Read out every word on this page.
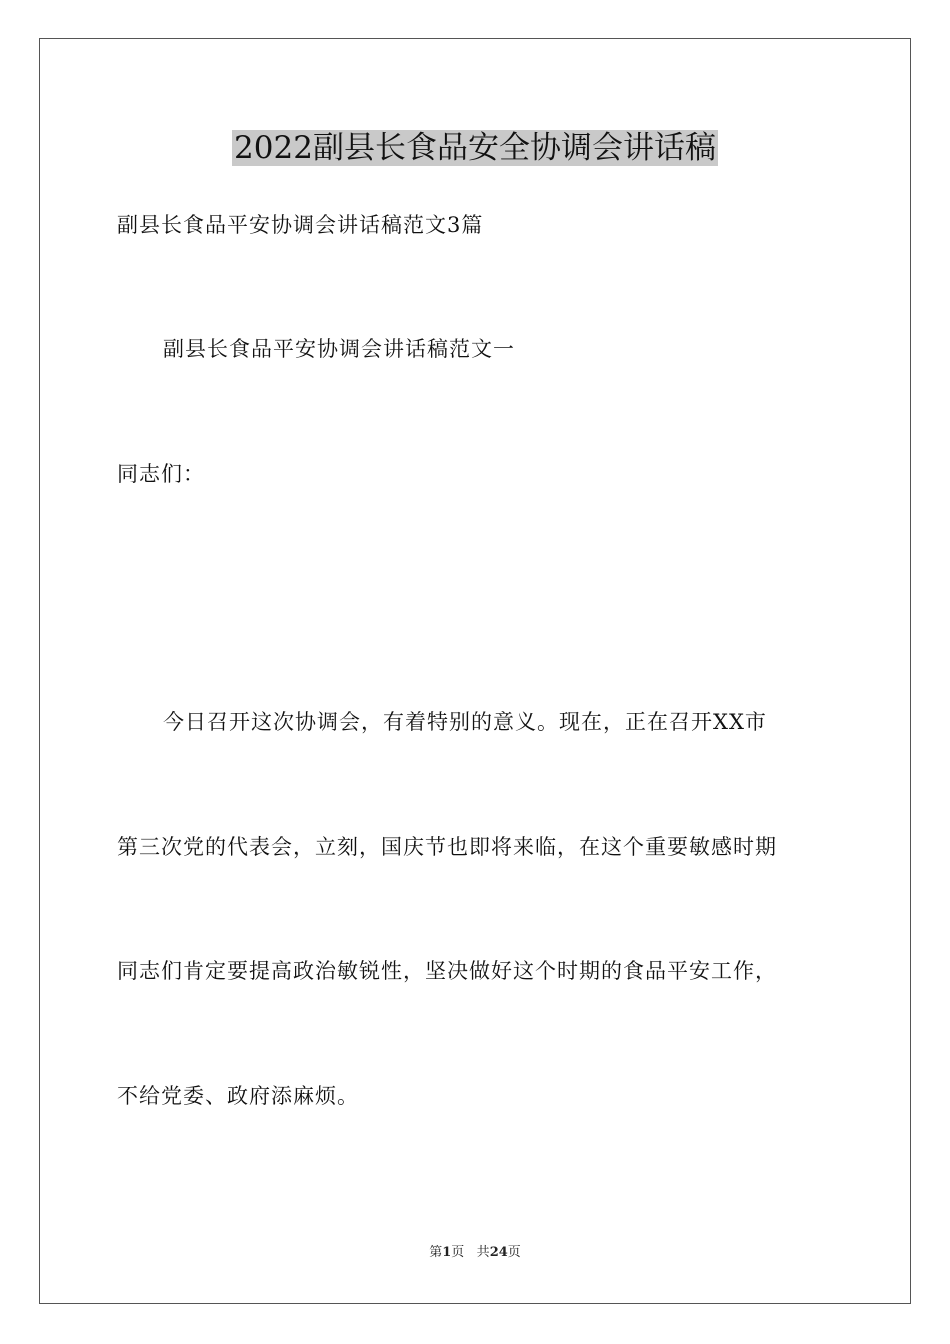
2022副县长食品安全协调会讲话稿
副县长食品平安协调会讲话稿范文3篇
副县长食品平安协调会讲话稿范文一
同志们：
今日召开这次协调会，有着特别的意义。现在，正在召开XX市
第三次党的代表会，立刻，国庆节也即将来临，在这个重要敏感时期
同志们肯定要提高政治敏锐性，坚决做好这个时期的食品平安工作，
不给党委、政府添麻烦。
第1页 共24页
